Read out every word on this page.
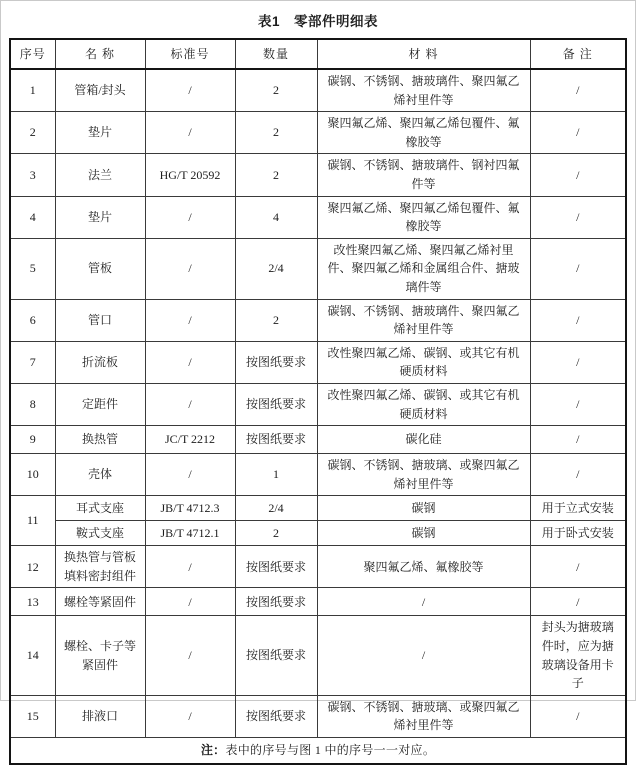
表1　零部件明细表
序号	名 称	标准号	数量	材 料	备 注
1	管箱/封头	/	2	碳钢、不锈钢、搪玻璃件、聚四氟乙烯衬里件等	/
2	垫片	/	2	聚四氟乙烯、聚四氟乙烯包覆件、氟橡胶等	/
3	法兰	HG/T 20592	2	碳钢、不锈钢、搪玻璃件、钢衬四氟件等	/
4	垫片	/	4	聚四氟乙烯、聚四氟乙烯包覆件、氟橡胶等	/
5	管板	/	2/4	改性聚四氟乙烯、聚四氟乙烯衬里件、聚四氟乙烯和金属组合件、搪玻璃件等	/
6	管口	/	2	碳钢、不锈钢、搪玻璃件、聚四氟乙烯衬里件等	/
7	折流板	/	按图纸要求	改性聚四氟乙烯、碳钢、或其它有机硬质材料	/
8	定距件	/	按图纸要求	改性聚四氟乙烯、碳钢、或其它有机硬质材料	/
9	换热管	JC/T 2212	按图纸要求	碳化硅	/
10	壳体	/	1	碳钢、不锈钢、搪玻璃、或聚四氟乙烯衬里件等	/
11	耳式支座	JB/T 4712.3	2/4	碳钢	用于立式安装
	鞍式支座	JB/T 4712.1	2	碳钢	用于卧式安装
12	换热管与管板填料密封组件	/	按图纸要求	聚四氟乙烯、氟橡胶等	/
13	螺栓等紧固件	/	按图纸要求	/	/
14	螺栓、卡子等紧固件	/	按图纸要求	/	封头为搪玻璃件时，应为搪玻璃设备用卡子
15	排液口	/	按图纸要求	碳钢、不锈钢、搪玻璃、或聚四氟乙烯衬里件等	/
注：表中的序号与图 1 中的序号一一对应。					
